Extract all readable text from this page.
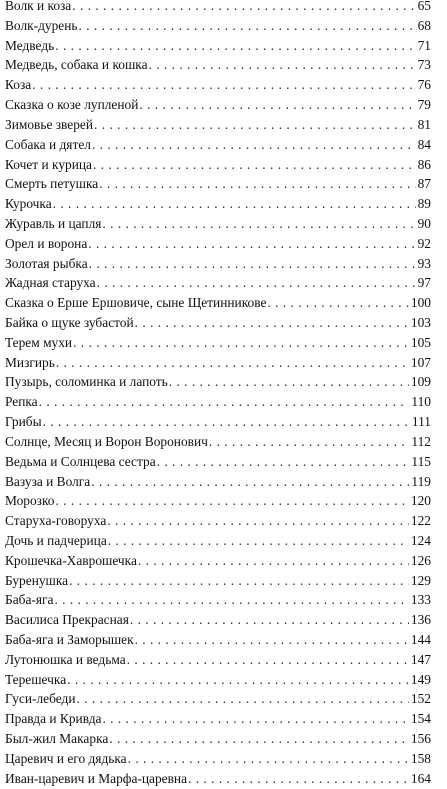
Волк и коза . . .	65
Волк-дурень . . .	68
Медведь . . .	71
Медведь, собака и кошка . . .	73
Коза . . .	76
Сказка о козе лупленой . . .	79
Зимовье зверей . . .	81
Собака и дятел . . .	84
Кочет и курица . . .	86
Смерть петушка . . .	87
Курочка . . .	89
Журавль и цапля . . .	90
Орел и ворона . . .	92
Золотая рыбка . . .	93
Жадная старуха . . .	97
Сказка о Ерше Ершовиче, сыне Щетинникове . . .	100
Байка о щуке зубастой . . .	103
Терем мухи . . .	105
Мизгирь . . .	107
Пузырь, соломинка и лапоть . . .	109
Репка . . .	110
Грибы . . .	111
Солнце, Месяц и Ворон Воронович . . .	112
Ведьма и Солнцева сестра . . .	115
Вазуза и Волга . . .	119
Морозко . . .	120
Старуха-говоруха . . .	122
Дочь и падчерица . . .	124
Крошечка-Хаврошечка . . .	126
Буренушка . . .	129
Баба-яга . . .	133
Василиса Прекрасная . . .	136
Баба-яга и Заморышек . . .	144
Лутонюшка и ведьма . . .	147
Терешечка . . .	149
Гуси-лебеди . . .	152
Правда и Кривда . . .	154
Был-жил Макарка . . .	156
Царевич и его дядька . . .	158
Иван-царевич и Марфа-царевна . . .	164
